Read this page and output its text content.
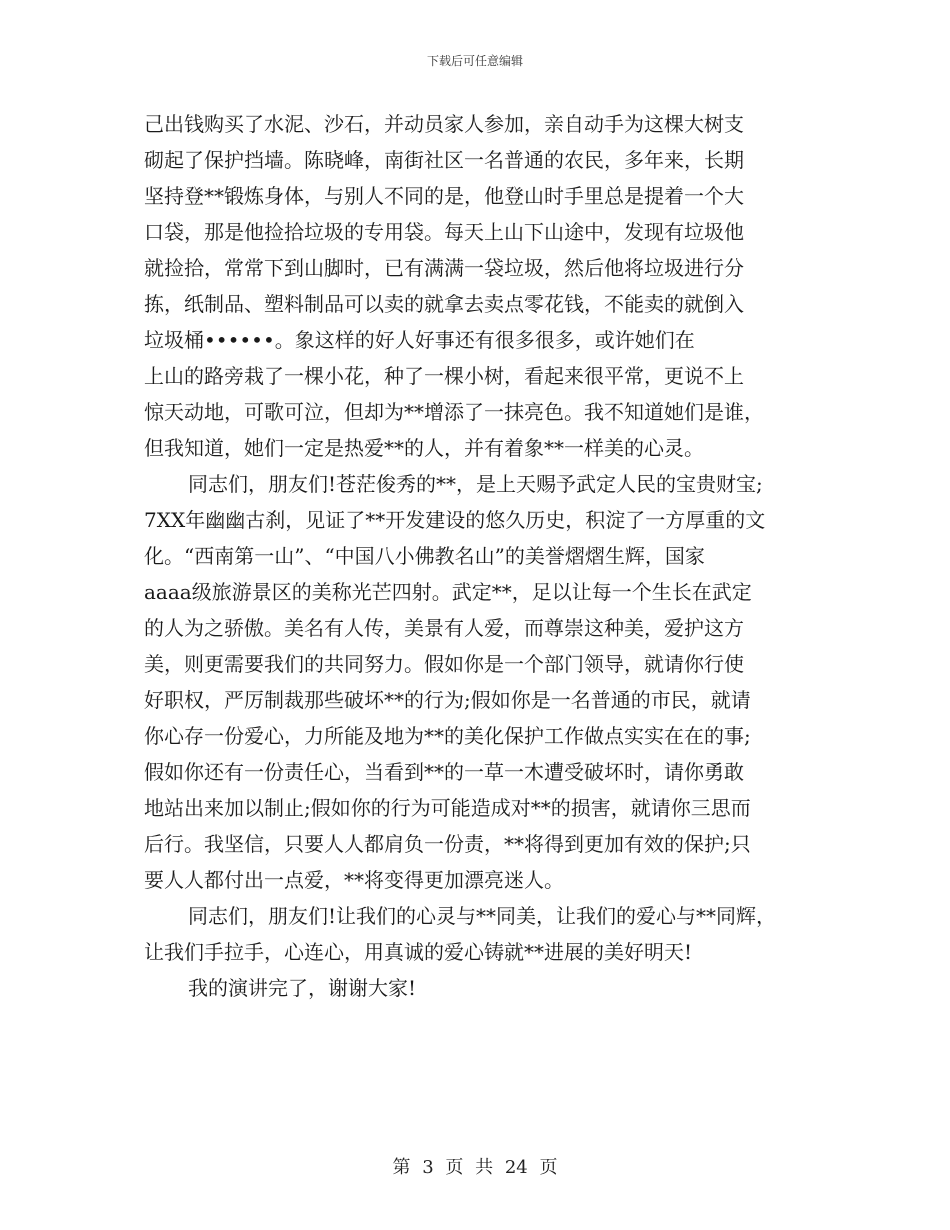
下载后可任意编辑
己出钱购买了水泥、沙石，并动员家人参加，亲自动手为这棵大树支
砌起了保护挡墙。陈晓峰，南街社区一名普通的农民，多年来，长期
坚持登**锻炼身体，与别人不同的是，他登山时手里总是提着一个大
口袋，那是他捡拾垃圾的专用袋。每天上山下山途中，发现有垃圾他
就捡拾，常常下到山脚时，已有满满一袋垃圾，然后他将垃圾进行分
拣，纸制品、塑料制品可以卖的就拿去卖点零花钱，不能卖的就倒入
垃圾桶••••••。象这样的好人好事还有很多很多，或许她们在
上山的路旁栽了一棵小花，种了一棵小树，看起来很平常，更说不上
惊天动地，可歌可泣，但却为**增添了一抹亮色。我不知道她们是谁，
但我知道，她们一定是热爱**的人，并有着象**一样美的心灵。
同志们，朋友们!苍茫俊秀的**，是上天赐予武定人民的宝贵财宝;
7XX年幽幽古刹，见证了**开发建设的悠久历史，积淀了一方厚重的文
化。“西南第一山”、“中国八小佛教名山”的美誉熠熠生辉，国家
aaaa级旅游景区的美称光芒四射。武定**，足以让每一个生长在武定
的人为之骄傲。美名有人传，美景有人爱，而尊崇这种美，爱护这方
美，则更需要我们的共同努力。假如你是一个部门领导，就请你行使
好职权，严厉制裁那些破坏**的行为;假如你是一名普通的市民，就请
你心存一份爱心，力所能及地为**的美化保护工作做点实实在在的事;
假如你还有一份责任心，当看到**的一草一木遭受破坏时，请你勇敢
地站出来加以制止;假如你的行为可能造成对**的损害，就请你三思而
后行。我坚信，只要人人都肩负一份责，**将得到更加有效的保护;只
要人人都付出一点爱，**将变得更加漂亮迷人。
同志们，朋友们!让我们的心灵与**同美，让我们的爱心与**同辉，
让我们手拉手，心连心，用真诚的爱心铸就**进展的美好明天!
我的演讲完了，谢谢大家!
第 3 页 共 24 页
